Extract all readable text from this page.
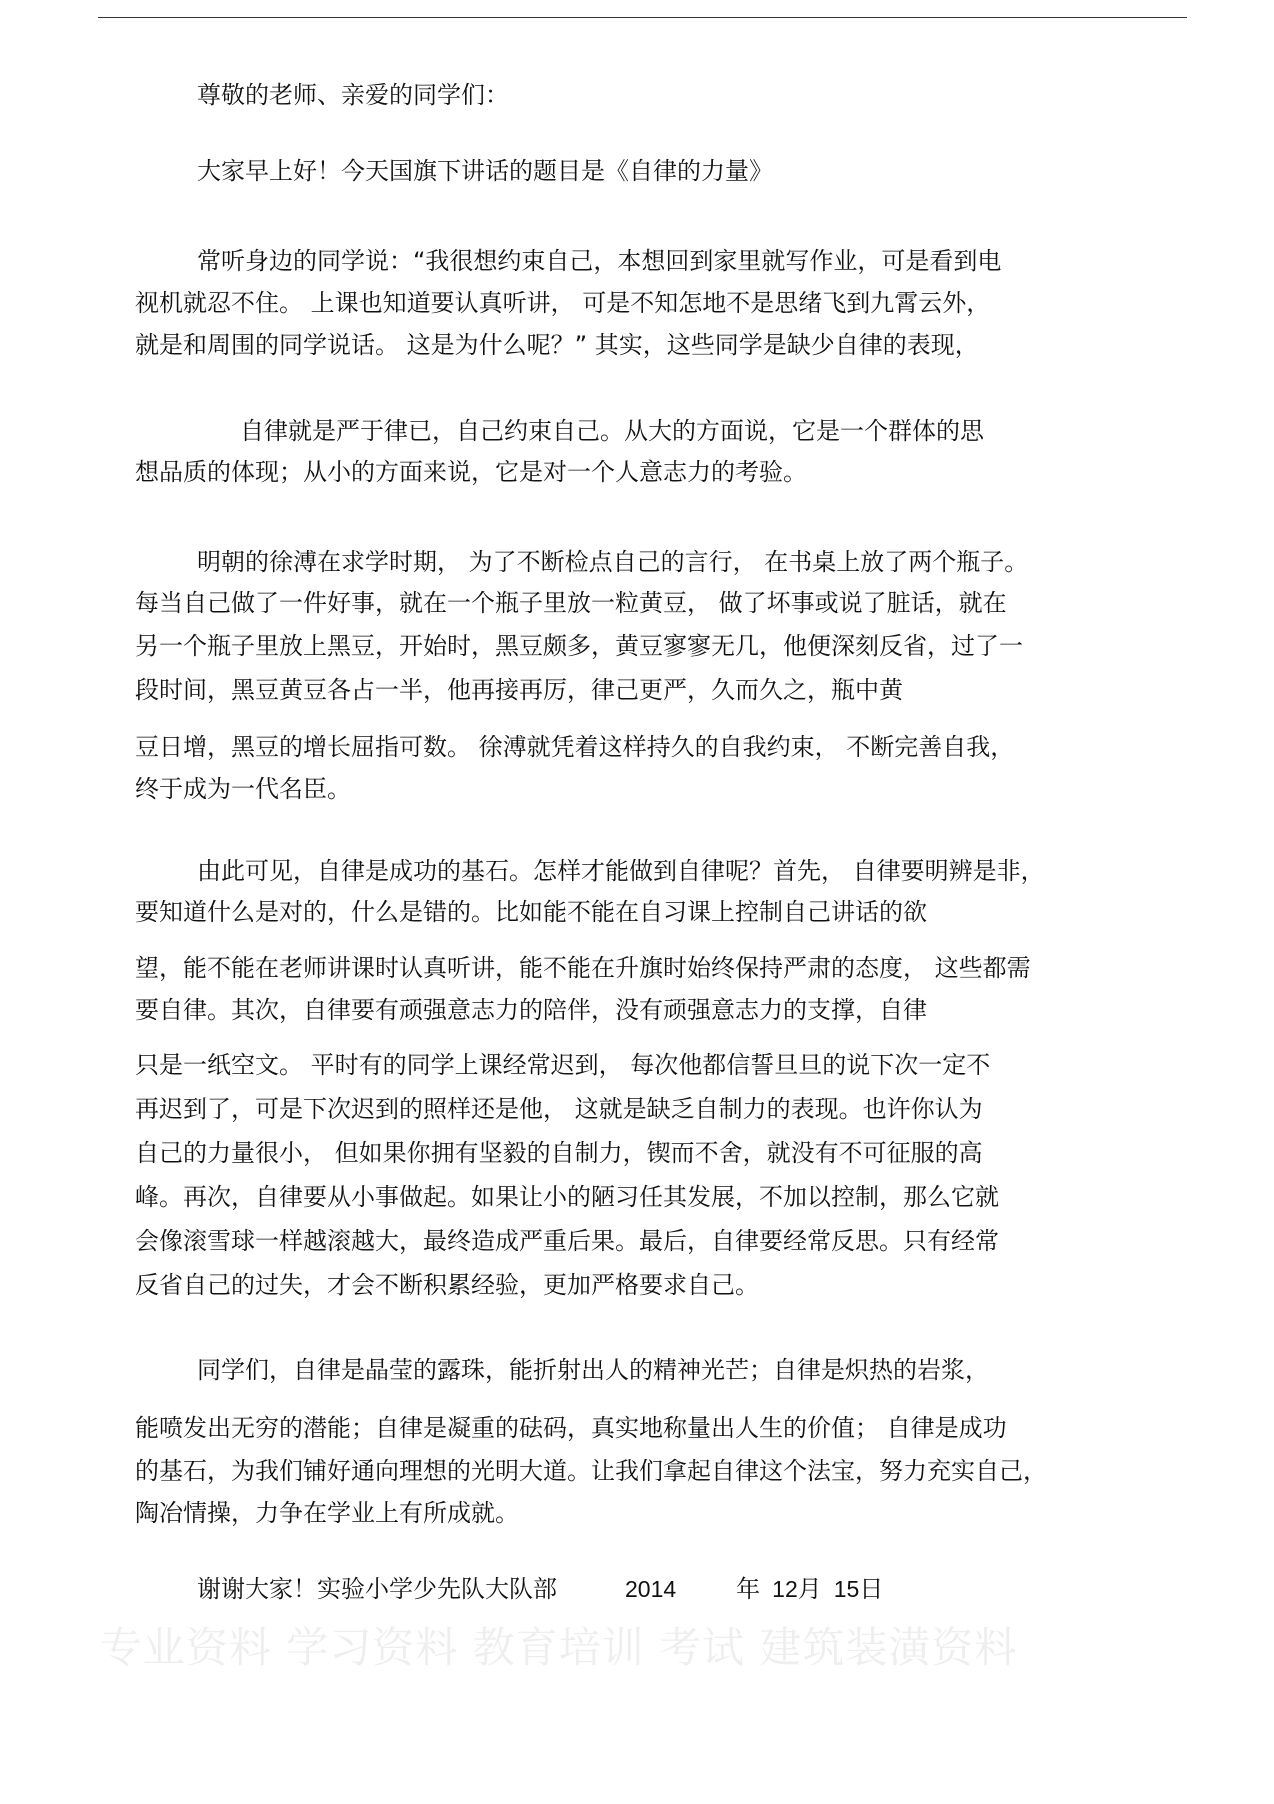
尊敬的老师、亲爱的同学们：
大家早上好！今天国旗下讲话的题目是《自律的力量》
常听身边的同学说：“我很想约束自己，本想回到家里就写作业，可是看到电
视机就忍不住。 上课也知道要认真听讲， 可是不知怎地不是思绪飞到九霄云外，
就是和周围的同学说话。 这是为什么呢？” 其实，这些同学是缺少自律的表现，
自律就是严于律已，自己约束自己。从大的方面说，它是一个群体的思
想品质的体现；从小的方面来说，它是对一个人意志力的考验。
明朝的徐溥在求学时期， 为了不断检点自己的言行， 在书桌上放了两个瓶子。
每当自己做了一件好事，就在一个瓶子里放一粒黄豆， 做了坏事或说了脏话，就在
另一个瓶子里放上黑豆，开始时，黑豆颇多，黄豆寥寥无几，他便深刻反省，过了一
段时间，黑豆黄豆各占一半，他再接再厉，律己更严，久而久之，瓶中黄
豆日增，黑豆的增长屈指可数。 徐溥就凭着这样持久的自我约束， 不断完善自我，
终于成为一代名臣。
由此可见，自律是成功的基石。怎样才能做到自律呢？首先， 自律要明辨是非，
要知道什么是对的，什么是错的。比如能不能在自习课上控制自己讲话的欲
望，能不能在老师讲课时认真听讲，能不能在升旗时始终保持严肃的态度， 这些都需
要自律。其次，自律要有顽强意志力的陪伴，没有顽强意志力的支撑，自律
只是一纸空文。 平时有的同学上课经常迟到， 每次他都信誓旦旦的说下次一定不
再迟到了，可是下次迟到的照样还是他， 这就是缺乏自制力的表现。也许你认为
自己的力量很小， 但如果你拥有坚毅的自制力，锲而不舍，就没有不可征服的高
峰。再次，自律要从小事做起。如果让小的陋习任其发展，不加以控制，那么它就
会像滚雪球一样越滚越大，最终造成严重后果。最后，自律要经常反思。只有经常
反省自己的过失，才会不断积累经验，更加严格要求自己。
同学们，自律是晶莹的露珠，能折射出人的精神光芒；自律是炽热的岩浆，
能喷发出无穷的潜能；自律是凝重的砝码，真实地称量出人生的价值； 自律是成功
的基石，为我们铺好通向理想的光明大道。让我们拿起自律这个法宝，努力充实自己，
陶冶情操，力争在学业上有所成就。
谢谢大家！实验小学少先队大队部	2014	年 12月 15日
专业资料 学习资料 教育培训 考试 建筑装潢资料
